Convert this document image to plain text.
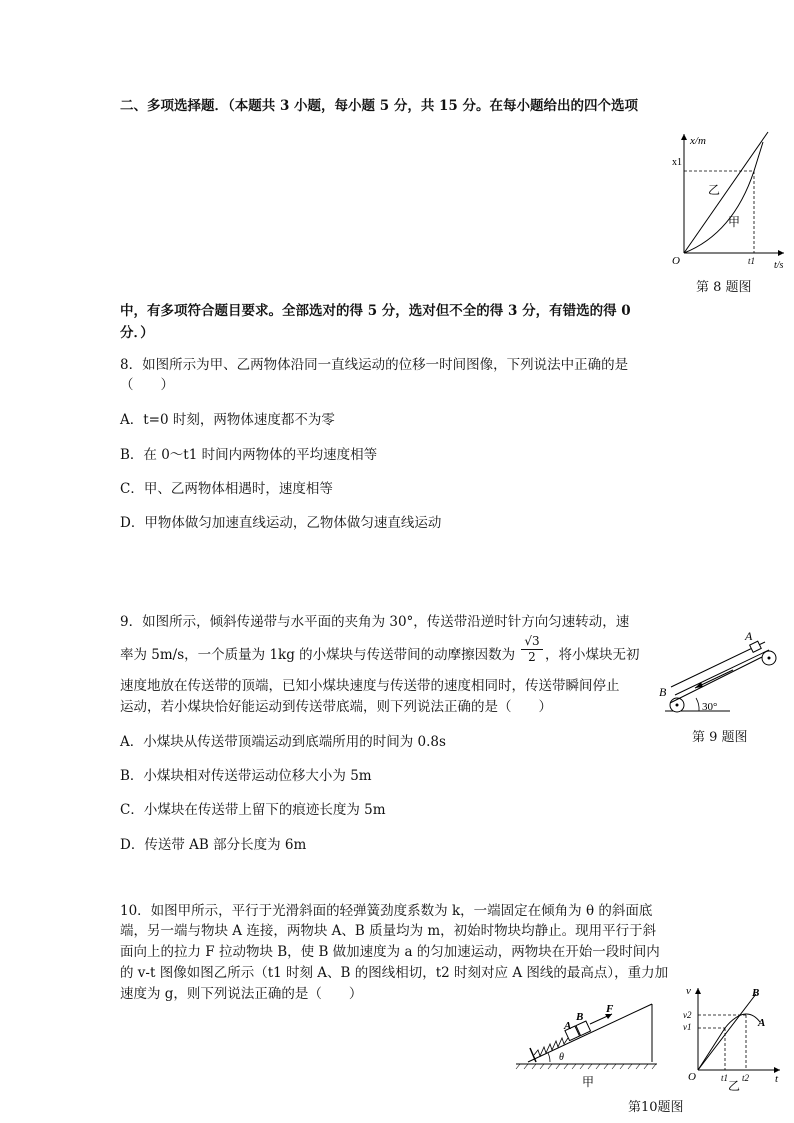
二、多项选择题．（本题共 3 小题，每小题 5 分，共 15 分。在每小题给出的四个选项
中，有多项符合题目要求。全部选对的得 5 分，选对但不全的得 3 分，有错选的得 0
分．）
x/m
x1
乙
甲
O	t1 t/s
第 8 题图
8．如图所示为甲、乙两物体沿同一直线运动的位移一时间图像，下列说法中正确的是
（　　）
A．t=0 时刻，两物体速度都不为零
B．在 0～t1 时间内两物体的平均速度相等
C．甲、乙两物体相遇时，速度相等
D．甲物体做匀加速直线运动，乙物体做匀速直线运动
9．如图所示，倾斜传递带与水平面的夹角为 30°，传送带沿逆时针方向匀速转动，速
率为 5m/s，一个质量为 1kg 的小煤块与传送带间的动摩擦因数为 $\frac{√3}{2}$ ，将小煤块无初
速度地放在传送带的顶端，已知小煤块速度与传送带的速度相同时，传送带瞬间停止
运动，若小煤块恰好能运动到传送带底端，则下列说法正确的是（　　）
A．小煤块从传送带顶端运动到底端所用的时间为 0.8s
B．小煤块相对传送带运动位移大小为 5m
C．小煤块在传送带上留下的痕迹长度为 5m
D．传送带 AB 部分长度为 6m
A
B
30°
第 9 题图
10．如图甲所示，平行于光滑斜面的轻弹簧劲度系数为 k，一端固定在倾角为 θ 的斜面底
端，另一端与物块 A 连接，两物块 A、B 质量均为 m，初始时物块均静止。现用平行于斜
面向上的拉力 F 拉动物块 B，使 B 做加速度为 a 的匀加速运动，两物块在开始一段时间内
的 v-t 图像如图乙所示（t1 时刻 A、B 的图线相切，t2 时刻对应 A 图线的最高点），重力加
速度为 g，则下列说法正确的是（　　）
A
B
F
θ
甲
v
v2
v1
B
A
O	t1 t2 t
乙
第10题图
